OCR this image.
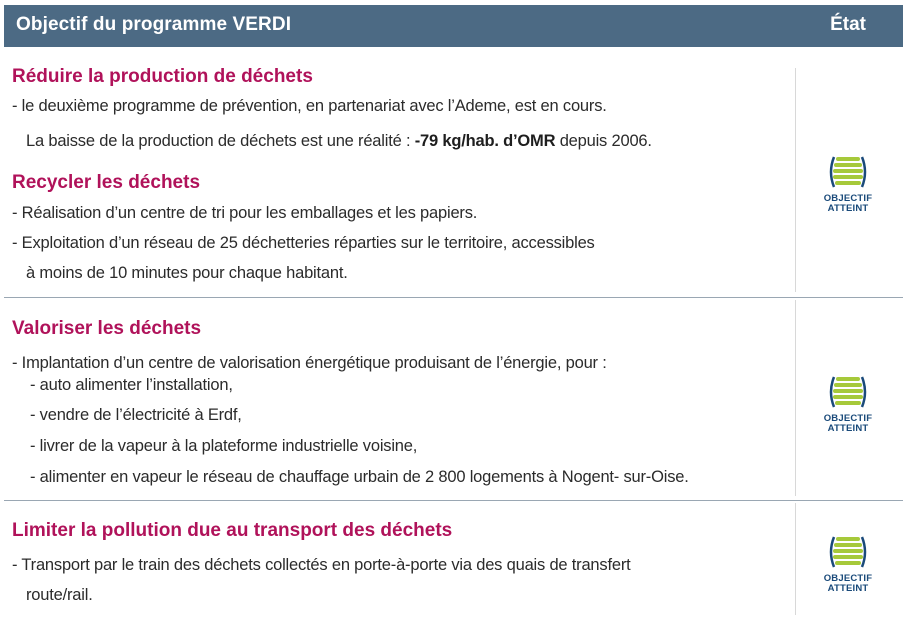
Objectif du programme VERDI	État
Réduire la production de déchets
- le deuxième programme de prévention, en partenariat avec l’Ademe, est en cours.
La baisse de la production de déchets est une réalité : -79 kg/hab. d’OMR depuis 2006.
Recycler les déchets
- Réalisation d’un centre de tri pour les emballages et les papiers.
- Exploitation d’un réseau de 25 déchetteries réparties sur le territoire, accessibles
à moins de 10 minutes pour chaque habitant.
Valoriser les déchets
- Implantation d’un centre de valorisation énergétique produisant de l’énergie, pour :
- auto alimenter l’installation,
- vendre de l’électricité à Erdf,
- livrer de la vapeur à la plateforme industrielle voisine,
- alimenter en vapeur le réseau de chauffage urbain de 2 800 logements à Nogent- sur-Oise.
Limiter la pollution due au transport des déchets
- Transport par le train des déchets collectés en porte-à-porte via des quais de transfert
route/rail.
OBJECTIF
ATTEINT
OBJECTIF
ATTEINT
OBJECTIF
ATTEINT
